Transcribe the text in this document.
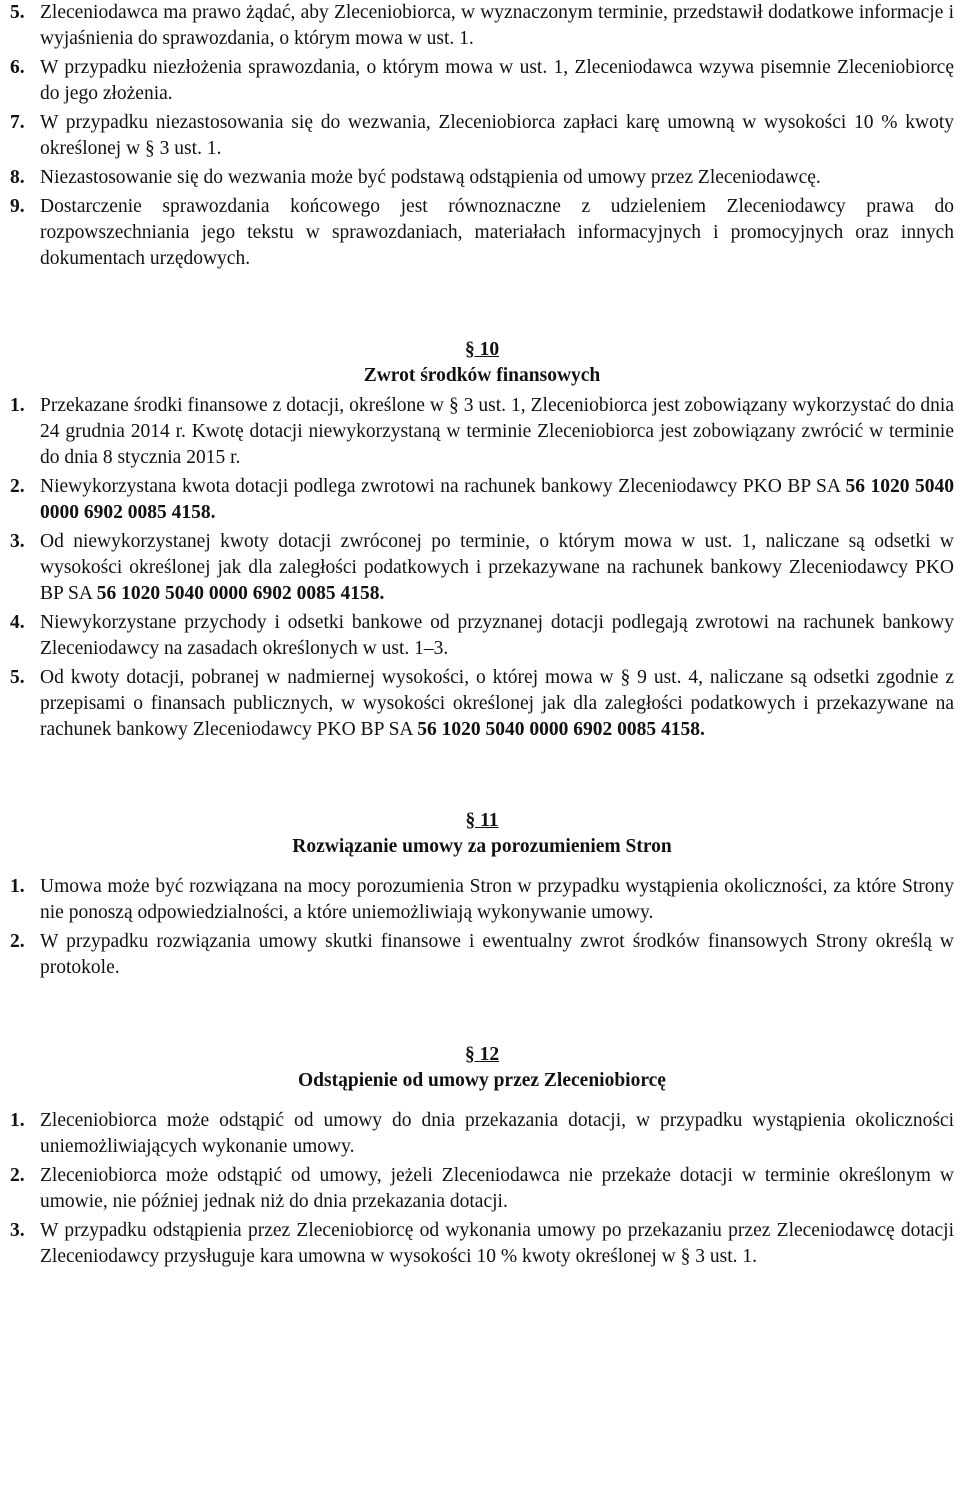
5. Zleceniodawca ma prawo żądać, aby Zleceniobiorca, w wyznaczonym terminie, przedstawił dodatkowe informacje i wyjaśnienia do sprawozdania, o którym mowa w ust. 1.
6. W przypadku niezłożenia sprawozdania, o którym mowa w ust. 1, Zleceniodawca wzywa pisemnie Zleceniobiorcę do jego złożenia.
7. W przypadku niezastosowania się do wezwania, Zleceniobiorca zapłaci karę umowną w wysokości 10 % kwoty określonej w § 3 ust. 1.
8. Niezastosowanie się do wezwania może być podstawą odstąpienia od umowy przez Zleceniodawcę.
9. Dostarczenie sprawozdania końcowego jest równoznaczne z udzieleniem Zleceniodawcy prawa do rozpowszechniania jego tekstu w sprawozdaniach, materiałach informacyjnych i promocyjnych oraz innych dokumentach urzędowych.
§ 10
Zwrot środków finansowych
1. Przekazane środki finansowe z dotacji, określone w § 3 ust. 1, Zleceniobiorca jest zobowiązany wykorzystać do dnia 24 grudnia 2014 r. Kwotę dotacji niewykorzystaną w terminie Zleceniobiorca jest zobowiązany zwrócić w terminie do dnia 8 stycznia 2015 r.
2. Niewykorzystana kwota dotacji podlega zwrotowi na rachunek bankowy Zleceniodawcy PKO BP SA 56 1020 5040 0000 6902 0085 4158.
3. Od niewykorzystanej kwoty dotacji zwróconej po terminie, o którym mowa w ust. 1, naliczane są odsetki w wysokości określonej jak dla zaległości podatkowych i przekazywane na rachunek bankowy Zleceniodawcy PKO BP SA 56 1020 5040 0000 6902 0085 4158.
4. Niewykorzystane przychody i odsetki bankowe od przyznanej dotacji podlegają zwrotowi na rachunek bankowy Zleceniodawcy na zasadach określonych w ust. 1–3.
5. Od kwoty dotacji, pobranej w nadmiernej wysokości, o której mowa w § 9 ust. 4, naliczane są odsetki zgodnie z przepisami o finansach publicznych, w wysokości określonej jak dla zaległości podatkowych i przekazywane na rachunek bankowy Zleceniodawcy PKO BP SA 56 1020 5040 0000 6902 0085 4158.
§ 11
Rozwiązanie umowy za porozumieniem Stron
1. Umowa może być rozwiązana na mocy porozumienia Stron w przypadku wystąpienia okoliczności, za które Strony nie ponoszą odpowiedzialności, a które uniemożliwiają wykonywanie umowy.
2. W przypadku rozwiązania umowy skutki finansowe i ewentualny zwrot środków finansowych Strony określą w protokole.
§ 12
Odstąpienie od umowy przez Zleceniobiorcę
1. Zleceniobiorca może odstąpić od umowy do dnia przekazania dotacji, w przypadku wystąpienia okoliczności uniemożliwiających wykonanie umowy.
2. Zleceniobiorca może odstąpić od umowy, jeżeli Zleceniodawca nie przekaże dotacji w terminie określonym w umowie, nie później jednak niż do dnia przekazania dotacji.
3. W przypadku odstąpienia przez Zleceniobiorcę od wykonania umowy po przekazaniu przez Zleceniodawcę dotacji Zleceniodawcy przysługuje kara umowna w wysokości 10 % kwoty określonej w § 3 ust. 1.
